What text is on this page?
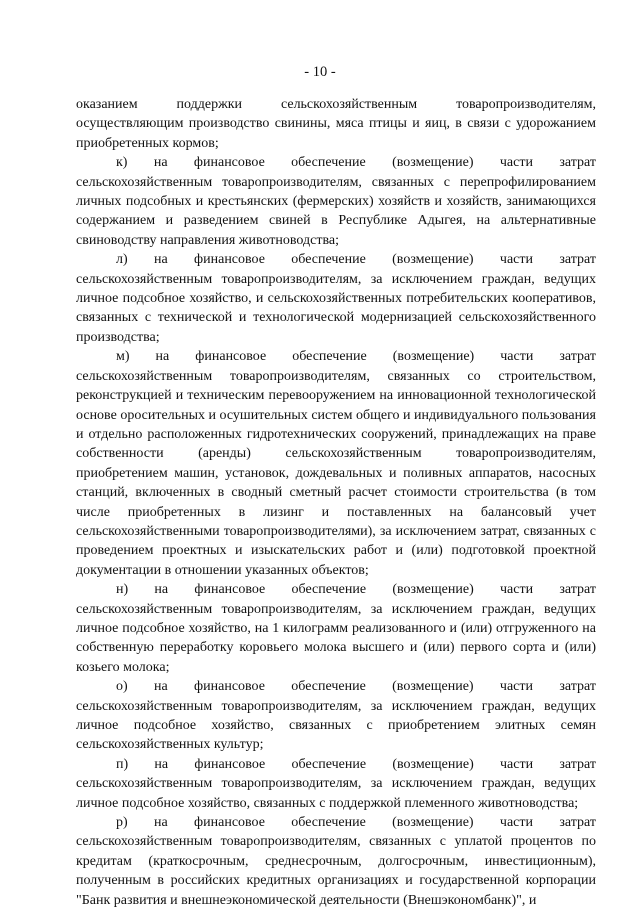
- 10 -

оказанием поддержки сельскохозяйственным товаропроизводителям, осуществляющим производство свинины, мяса птицы и яиц, в связи с удорожанием приобретенных кормов;

к) на финансовое обеспечение (возмещение) части затрат сельскохозяйственным товаропроизводителям, связанных с перепрофилированием личных подсобных и крестьянских (фермерских) хозяйств и хозяйств, занимающихся содержанием и разведением свиней в Республике Адыгея, на альтернативные свиноводству направления животноводства;

л) на финансовое обеспечение (возмещение) части затрат сельскохозяйственным товаропроизводителям, за исключением граждан, ведущих личное подсобное хозяйство, и сельскохозяйственных потребительских кооперативов, связанных с технической и технологической модернизацией сельскохозяйственного производства;

м) на финансовое обеспечение (возмещение) части затрат сельскохозяйственным товаропроизводителям, связанных со строительством, реконструкцией и техническим перевооружением на инновационной технологической основе оросительных и осушительных систем общего и индивидуального пользования и отдельно расположенных гидротехнических сооружений, принадлежащих на праве собственности (аренды) сельскохозяйственным товаропроизводителям, приобретением машин, установок, дождевальных и поливных аппаратов, насосных станций, включенных в сводный сметный расчет стоимости строительства (в том числе приобретенных в лизинг и поставленных на балансовый учет сельскохозяйственными товаропроизводителями), за исключением затрат, связанных с проведением проектных и изыскательских работ и (или) подготовкой проектной документации в отношении указанных объектов;

н) на финансовое обеспечение (возмещение) части затрат сельскохозяйственным товаропроизводителям, за исключением граждан, ведущих личное подсобное хозяйство, на 1 килограмм реализованного и (или) отгруженного на собственную переработку коровьего молока высшего и (или) первого сорта и (или) козьего молока;

о) на финансовое обеспечение (возмещение) части затрат сельскохозяйственным товаропроизводителям, за исключением граждан, ведущих личное подсобное хозяйство, связанных с приобретением элитных семян сельскохозяйственных культур;

п) на финансовое обеспечение (возмещение) части затрат сельскохозяйственным товаропроизводителям, за исключением граждан, ведущих личное подсобное хозяйство, связанных с поддержкой племенного животноводства;

р) на финансовое обеспечение (возмещение) части затрат сельскохозяйственным товаропроизводителям, связанных с уплатой процентов по кредитам (краткосрочным, среднесрочным, долгосрочным, инвестиционным), полученным в российских кредитных организациях и государственной корпорации "Банк развития и внешнеэкономической деятельности (Внешэкономбанк)", и
